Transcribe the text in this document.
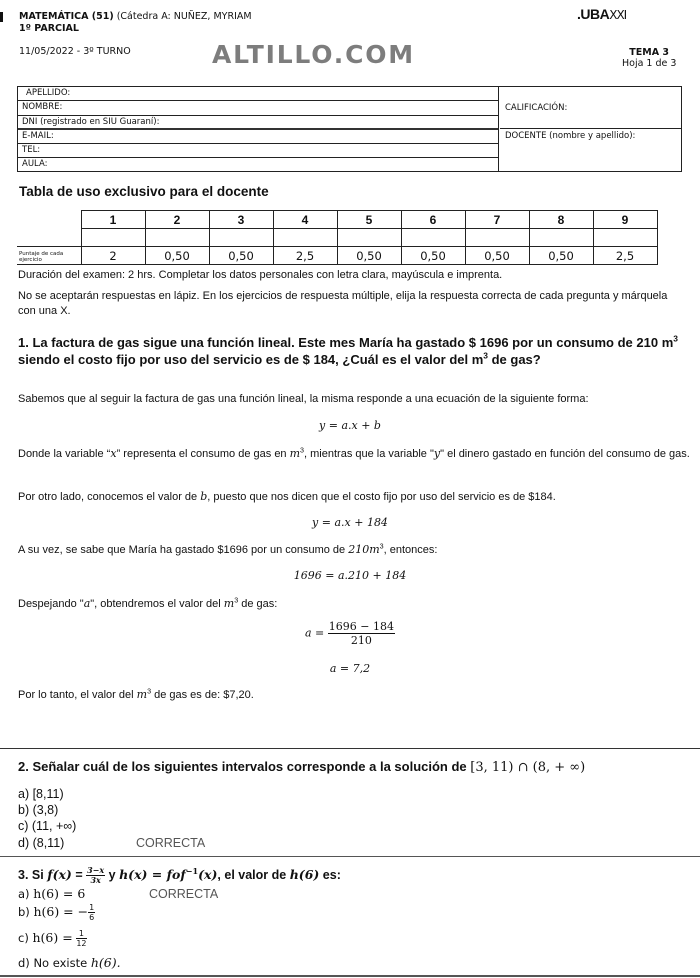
MATEMÁTICA (51) (Cátedra A: NUÑEZ, MYRIAM
1º PARCIAL
11/05/2022 - 3º TURNO	ALTILLO.COM
.UBAXXI
TEMA 3
Hoja 1 de 3
APELLIDO:
NOMBRE:
DNI (registrado en SIU Guaraní):
E-MAIL:
TEL:
AULA:
CALIFICACIÓN:
DOCENTE (nombre y apellido):
Tabla de uso exclusivo para el docente
	1	2	3	4	5	6	7	8	9

Puntaje de cada ejercicio	2	0,50	0,50	2,5	0,50	0,50	0,50	0,50	2,5
Duración del examen: 2 hrs. Completar los datos personales con letra clara, mayúscula e imprenta.
No se aceptarán respuestas en lápiz. En los ejercicios de respuesta múltiple, elija la respuesta correcta de cada pregunta y márquela con una X.
1. La factura de gas sigue una función lineal. Este mes María ha gastado $ 1696 por un consumo de 210 $m^3$ siendo el costo fijo por uso del servicio es de $ 184, ¿Cuál es el valor del $m^3$ de gas?
Sabemos que al seguir la factura de gas una función lineal, la misma responde a una ecuación de la siguiente forma:
y = a.x + b
Donde la variable “x” representa el consumo de gas en $m^3$, mientras que la variable "y" el dinero gastado en función del consumo de gas.
Por otro lado, conocemos el valor de b, puesto que nos dicen que el costo fijo por uso del servicio es de $184.
y = a.x + 184
A su vez, se sabe que María ha gastado $1696 por un consumo de $210m^3$, entonces:
1696 = a.210 + 184
Despejando "a", obtendremos el valor del $m^3$ de gas:
$a = \frac{1696 - 184}{210}$
a = 7,2
Por lo tanto, el valor del $m^3$ de gas es de: $7,20.
2. Señalar cuál de los siguientes intervalos corresponde a la solución de [3, 11) ∩ (8, + ∞)
a) [8,11)
b) (3,8)
c) (11, +∞)
d) (8,11)	CORRECTA
3. Si $f(x) = \frac{3-x}{3x}$ y h(x) = fof$^{-1}$(x), el valor de h(6) es:
a) h(6) = 6	CORRECTA
b) h(6) = − $\frac{1}{6}$
c) $h(6) = \frac{1}{12}$
d) No existe h(6).
